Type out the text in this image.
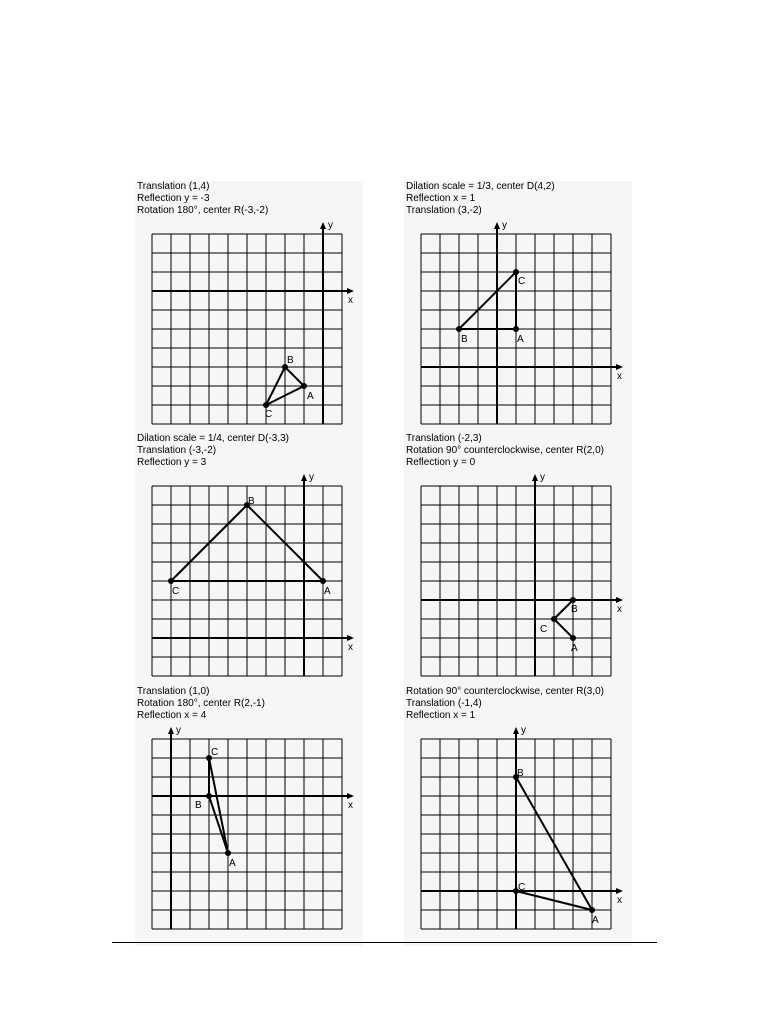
Translation (1,4)
Reflection y = -3
Rotation 180°, center R(-3,-2)
x
y
A
B
C
Dilation scale = 1/3, center D(4,2)
Reflection x = 1
Translation (3,-2)
x
y
A
B
C
Dilation scale = 1/4, center D(-3,3)
Translation (-3,-2)
Reflection y = 3
x
y
A
B
C
Translation (-2,3)
Rotation 90° counterclockwise, center R(2,0)
Reflection y = 0
x
y
A
B
C
Translation (1,0)
Rotation 180°, center R(2,-1)
Reflection x = 4
x
y
A
B
C
Rotation 90° counterclockwise, center R(3,0)
Translation (-1,4)
Reflection x = 1
x
y
A
B
C
